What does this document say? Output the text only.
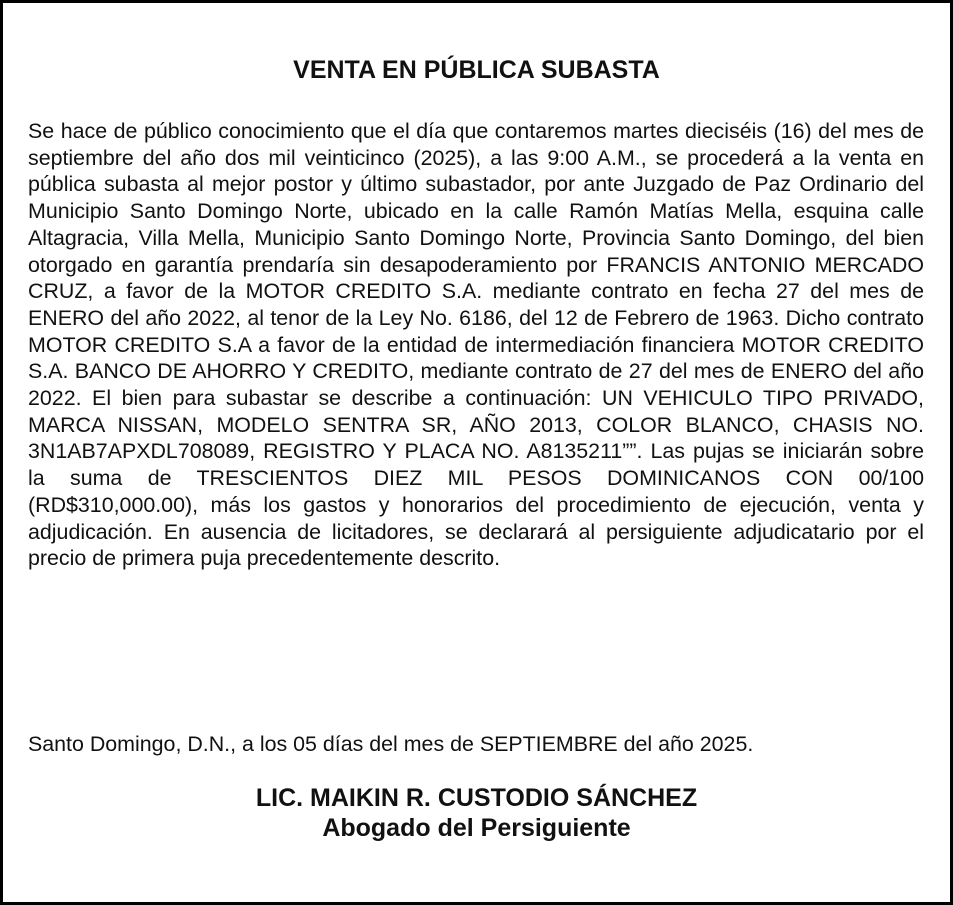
VENTA EN PÚBLICA SUBASTA

Se hace de público conocimiento que el día que contaremos martes dieciséis (16) del mes de septiembre del año dos mil veinticinco (2025), a las 9:00 A.M., se procederá a la venta en pública subasta al mejor postor y último subastador, por ante Juzgado de Paz Ordinario del Municipio Santo Domingo Norte, ubicado en la calle Ramón Matías Mella, esquina calle Altagracia, Villa Mella, Municipio Santo Domingo Norte, Provincia Santo Domingo, del bien otorgado en garantía prendaría sin desapoderamiento por FRANCIS ANTONIO MERCADO CRUZ, a favor de la MOTOR CREDITO S.A. mediante contrato en fecha 27 del mes de ENERO del año 2022, al tenor de la Ley No. 6186, del 12 de Febrero de 1963. Dicho contrato MOTOR CREDITO S.A a favor de la entidad de intermediación financiera MOTOR CREDITO S.A. BANCO DE AHORRO Y CREDITO, mediante contrato de 27 del mes de ENERO del año 2022. El bien para subastar se describe a continuación: UN VEHICULO TIPO PRIVADO, MARCA NISSAN, MODELO SENTRA SR, AÑO 2013, COLOR BLANCO, CHASIS NO. 3N1AB7APXDL708089, REGISTRO Y PLACA NO. A8135211””. Las pujas se iniciarán sobre la suma de TRESCIENTOS DIEZ MIL PESOS DOMINICANOS CON 00/100 (RD$310,000.00), más los gastos y honorarios del procedimiento de ejecución, venta y adjudicación. En ausencia de licitadores, se declarará al persiguiente adjudicatario por el precio de primera puja precedentemente descrito.

Santo Domingo, D.N., a los 05 días del mes de SEPTIEMBRE del año 2025.

LIC. MAIKIN R. CUSTODIO SÁNCHEZ
Abogado del Persiguiente
